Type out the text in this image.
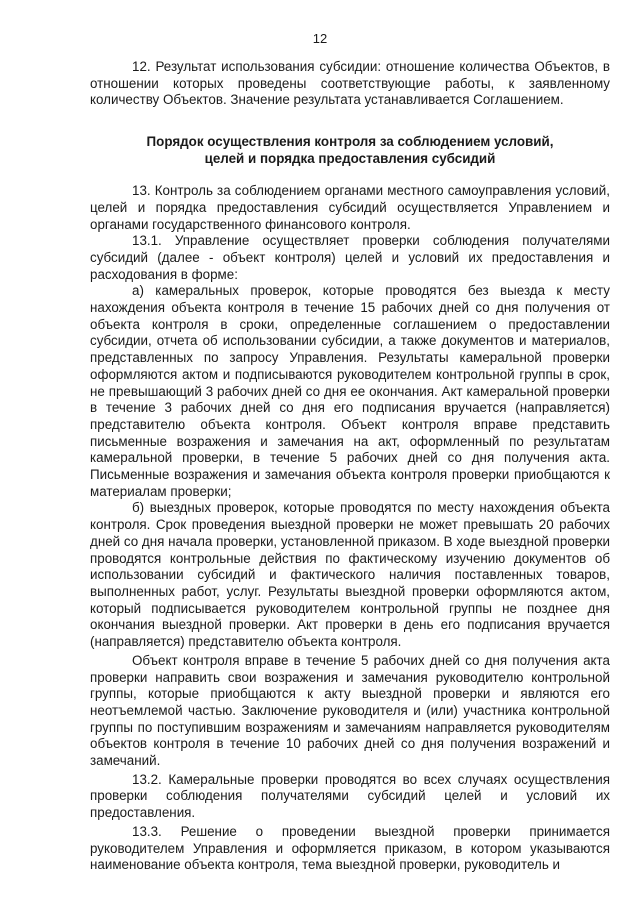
12

12. Результат использования субсидии: отношение количества Объектов, в отношении которых проведены соответствующие работы, к заявленному количеству Объектов. Значение результата устанавливается Соглашением.

Порядок осуществления контроля за соблюдением условий,
целей и порядка предоставления субсидий

13. Контроль за соблюдением органами местного самоуправления условий, целей и порядка предоставления субсидий осуществляется Управлением и органами государственного финансового контроля.

13.1. Управление осуществляет проверки соблюдения получателями субсидий (далее - объект контроля) целей и условий их предоставления и расходования в форме:

а) камеральных проверок, которые проводятся без выезда к месту нахождения объекта контроля в течение 15 рабочих дней со дня получения от объекта контроля в сроки, определенные соглашением о предоставлении субсидии, отчета об использовании субсидии, а также документов и материалов, представленных по запросу Управления. Результаты камеральной проверки оформляются актом и подписываются руководителем контрольной группы в срок, не превышающий 3 рабочих дней со дня ее окончания. Акт камеральной проверки в течение 3 рабочих дней со дня его подписания вручается (направляется) представителю объекта контроля. Объект контроля вправе представить письменные возражения и замечания на акт, оформленный по результатам камеральной проверки, в течение 5 рабочих дней со дня получения акта. Письменные возражения и замечания объекта контроля проверки приобщаются к материалам проверки;

б) выездных проверок, которые проводятся по месту нахождения объекта контроля. Срок проведения выездной проверки не может превышать 20 рабочих дней со дня начала проверки, установленной приказом. В ходе выездной проверки проводятся контрольные действия по фактическому изучению документов об использовании субсидий и фактического наличия поставленных товаров, выполненных работ, услуг. Результаты выездной проверки оформляются актом, который подписывается руководителем контрольной группы не позднее дня окончания выездной проверки. Акт проверки в день его подписания вручается (направляется) представителю объекта контроля.

Объект контроля вправе в течение 5 рабочих дней со дня получения акта проверки направить свои возражения и замечания руководителю контрольной группы, которые приобщаются к акту выездной проверки и являются его неотъемлемой частью. Заключение руководителя и (или) участника контрольной группы по поступившим возражениям и замечаниям направляется руководителям объектов контроля в течение 10 рабочих дней со дня получения возражений и замечаний.

13.2. Камеральные проверки проводятся во всех случаях осуществления проверки соблюдения получателями субсидий целей и условий их предоставления.

13.3. Решение о проведении выездной проверки принимается руководителем Управления и оформляется приказом, в котором указываются наименование объекта контроля, тема выездной проверки, руководитель и
